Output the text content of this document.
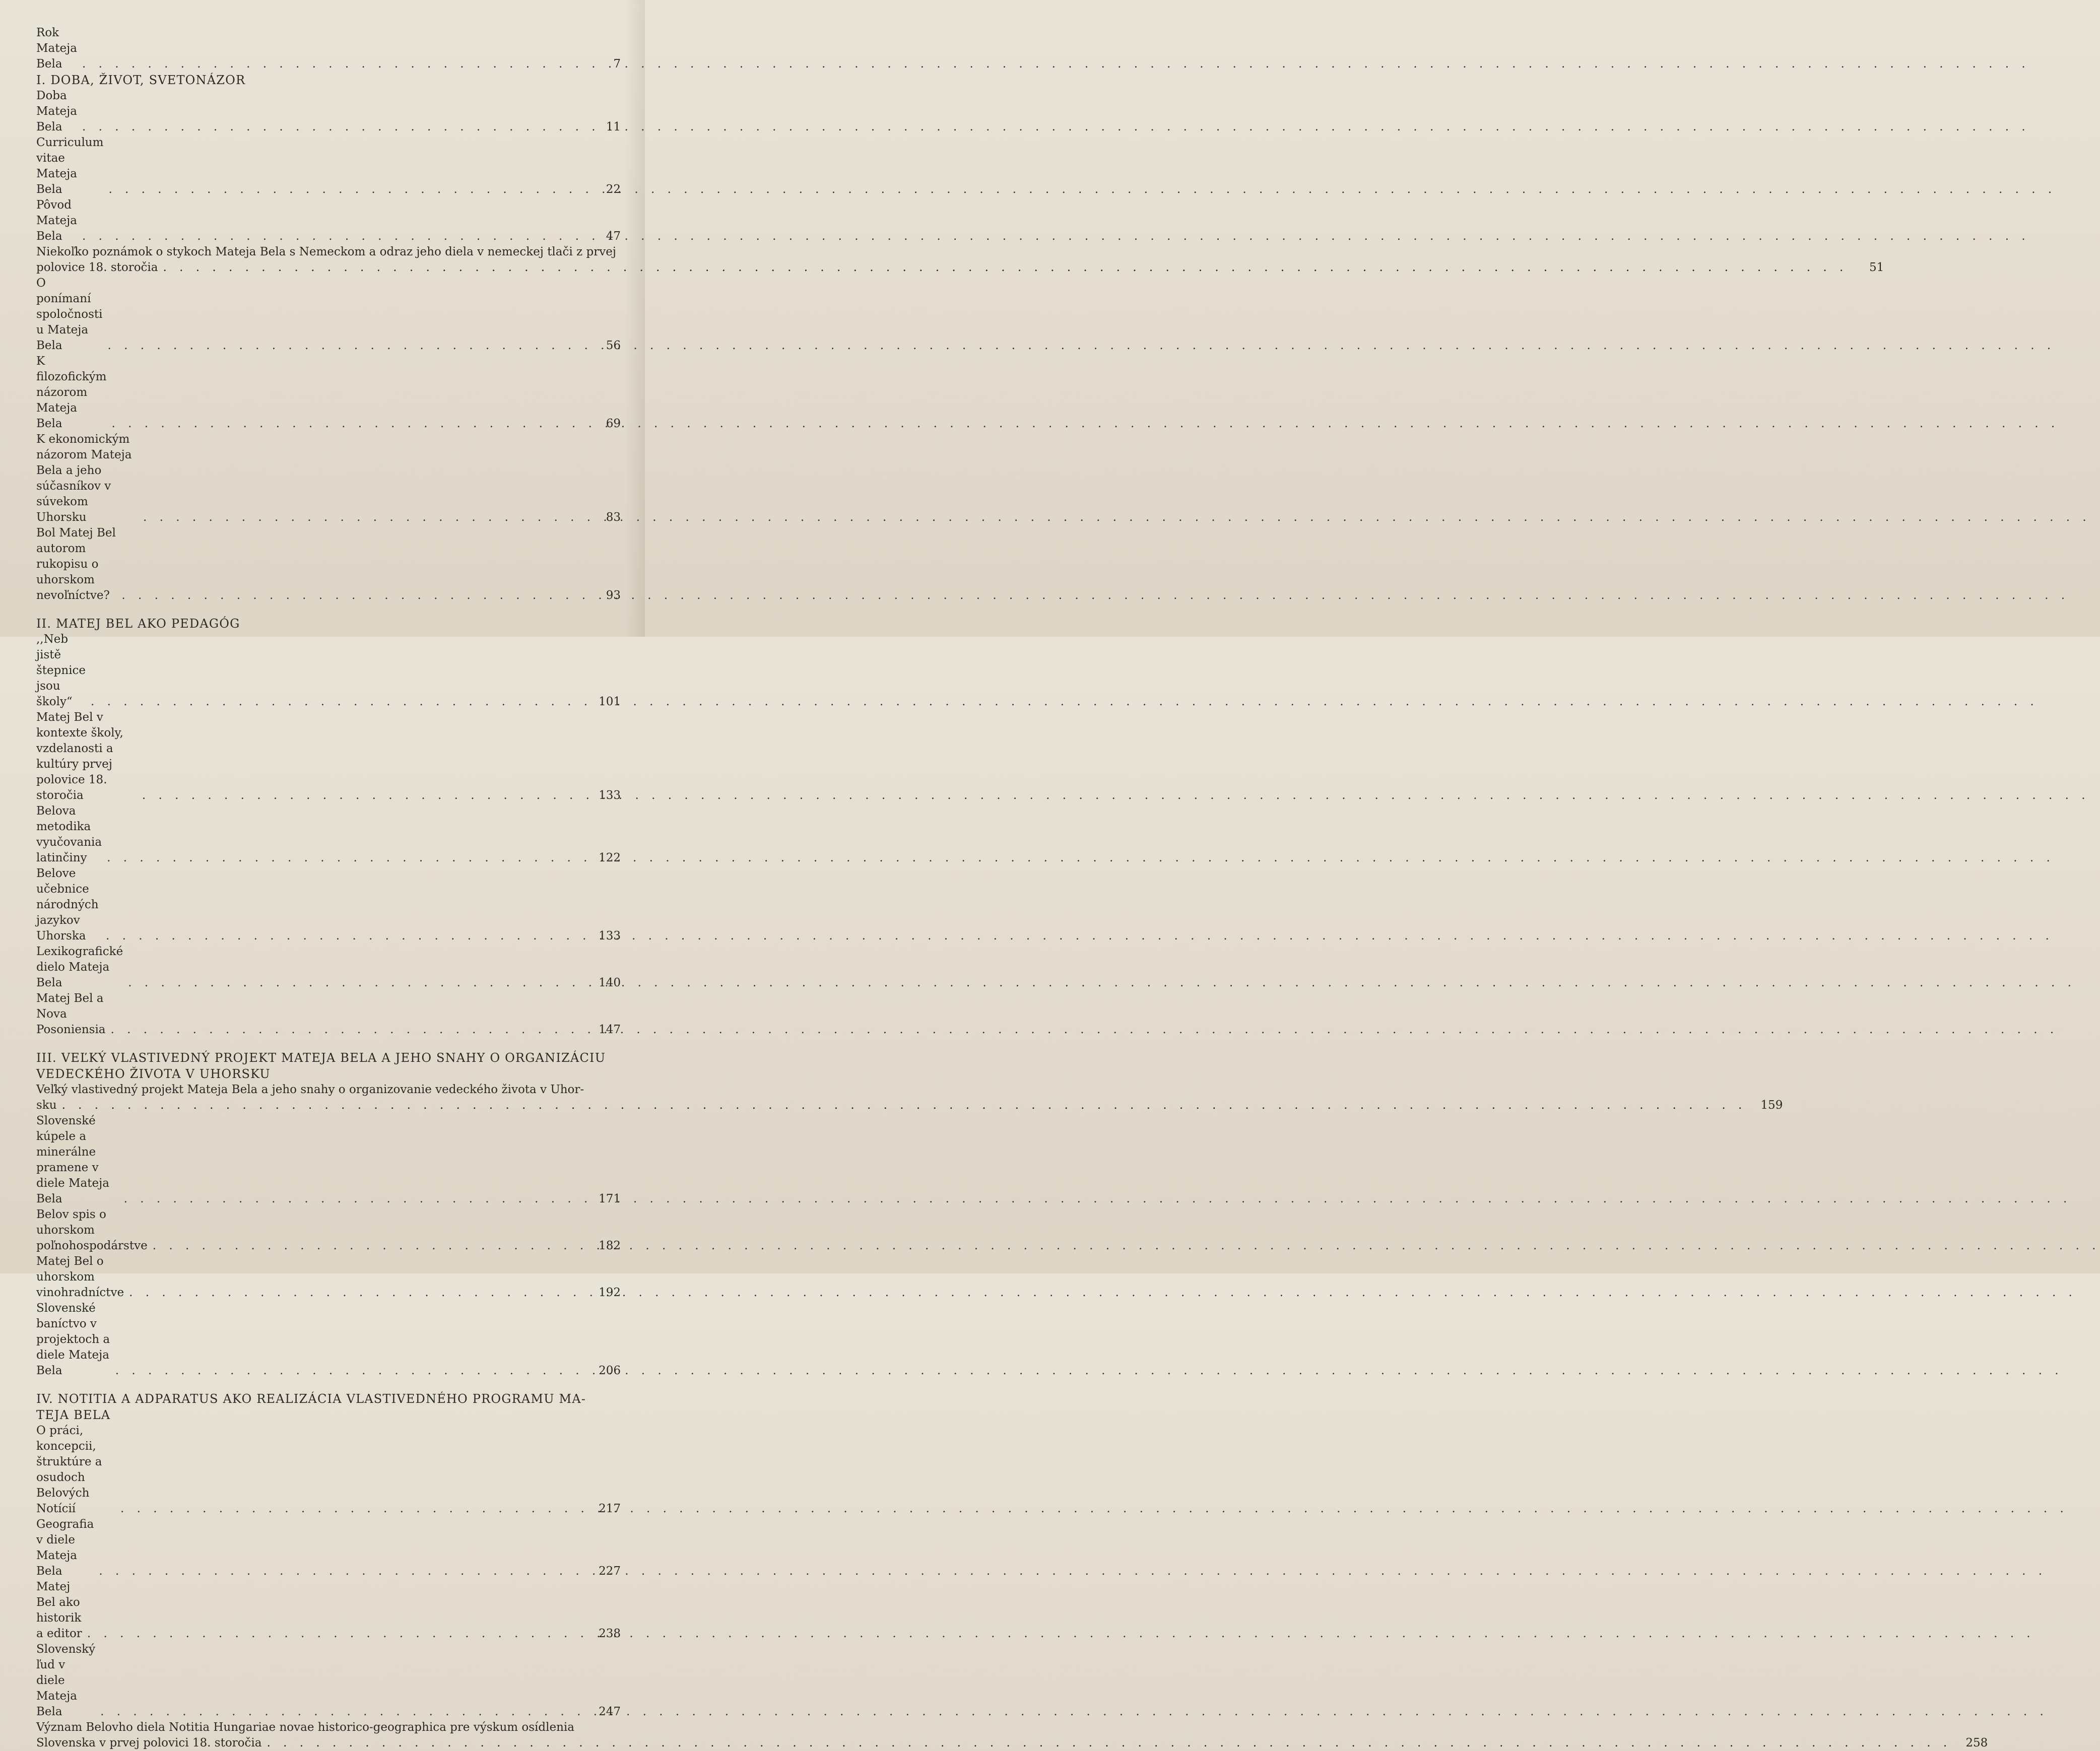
Rok Mateja Bela . . .	7
I. DOBA, ŽIVOT, SVETONÁZOR
Doba Mateja Bela . . .	11
Curriculum vitae Mateja Bela . . .	22
Pôvod Mateja Bela . . .	47
Niekoľko poznámok o stykoch Mateja Bela s Nemeckom a odraz jeho diela v nemeckej tlači z prvej
polovice 18. storočia . . .	51
O ponímaní spoločnosti u Mateja Bela . . .	56
K filozofickým názorom Mateja Bela . . .	69
K ekonomickým názorom Mateja Bela a jeho súčasníkov v súvekom Uhorsku . . .	83
Bol Matej Bel autorom rukopisu o uhorskom nevoľníctve? . . .	93
II. MATEJ BEL AKO PEDAGÓG
,,Neb jistě štepnice jsou školy“ . . .	101
Matej Bel v kontexte školy, vzdelanosti a kultúry prvej polovice 18. storočia . . .	133
Belova metodika vyučovania latinčiny . . .	122
Belove učebnice národných jazykov Uhorska . . .	133
Lexikografické dielo Mateja Bela . . .	140
Matej Bel a Nova Posoniensia . . .	147
III. VEĽKÝ VLASTIVEDNÝ PROJEKT MATEJA BELA A JEHO SNAHY O ORGANIZÁCIU
VEDECKÉHO ŽIVOTA V UHORSKU
Veľký vlastivedný projekt Mateja Bela a jeho snahy o organizovanie vedeckého života v Uhor-
sku . . .	159
Slovenské kúpele a minerálne pramene v diele Mateja Bela . . .	171
Belov spis o uhorskom poľnohospodárstve . . .	182
Matej Bel o uhorskom vinohradníctve . . .	192
Slovenské baníctvo v projektoch a diele Mateja Bela . . .	206
IV. NOTITIA A ADPARATUS AKO REALIZÁCIA VLASTIVEDNÉHO PROGRAMU MA-
TEJA BELA
O práci, koncepcii, štruktúre a osudoch Belových Notícií . . .	217
Geografia v diele Mateja Bela . . .	227
Matej Bel ako historik a editor . . .	238
Slovenský ľud v diele Mateja Bela . . .	247
Význam Belovho diela Notitia Hungariae novae historico-geographica pre výskum osídlenia
Slovenska v prvej polovici 18. storočia . . .	258
